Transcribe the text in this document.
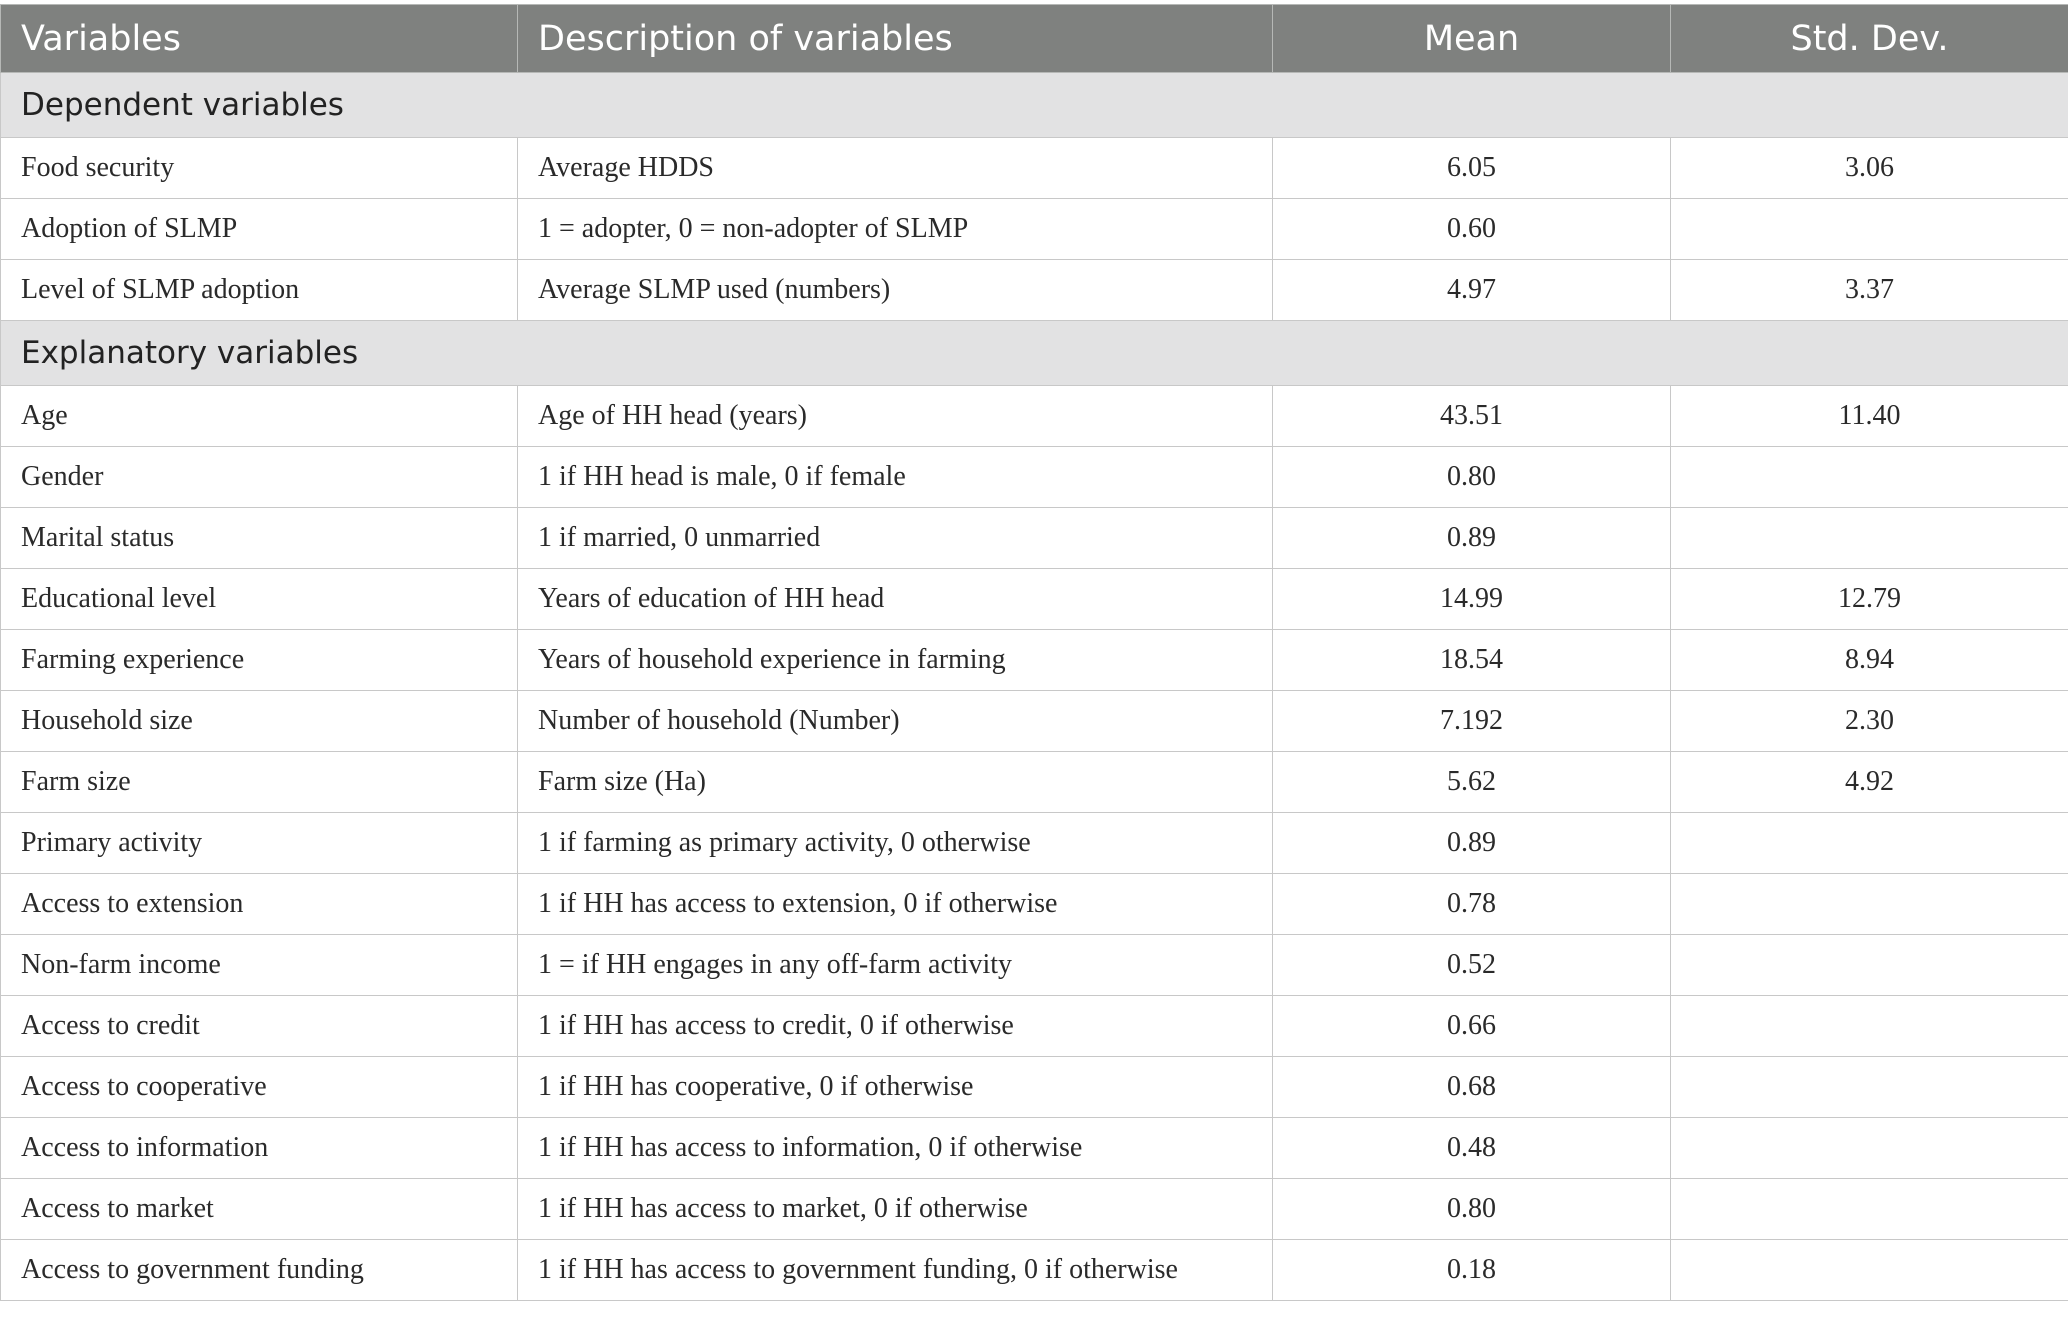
Variables	Description of variables	Mean	Std. Dev.
Dependent variables			
Food security	Average HDDS	6.05	3.06
Adoption of SLMP	1 = adopter, 0 = non-adopter of SLMP	0.60	
Level of SLMP adoption	Average SLMP used (numbers)	4.97	3.37
Explanatory variables			
Age	Age of HH head (years)	43.51	11.40
Gender	1 if HH head is male, 0 if female	0.80	
Marital status	1 if married, 0 unmarried	0.89	
Educational level	Years of education of HH head	14.99	12.79
Farming experience	Years of household experience in farming	18.54	8.94
Household size	Number of household (Number)	7.192	2.30
Farm size	Farm size (Ha)	5.62	4.92
Primary activity	1 if farming as primary activity, 0 otherwise	0.89	
Access to extension	1 if HH has access to extension, 0 if otherwise	0.78	
Non-farm income	1 = if HH engages in any off-farm activity	0.52	
Access to credit	1 if HH has access to credit, 0 if otherwise	0.66	
Access to cooperative	1 if HH has cooperative, 0 if otherwise	0.68	
Access to information	1 if HH has access to information, 0 if otherwise	0.48	
Access to market	1 if HH has access to market, 0 if otherwise	0.80	
Access to government funding	1 if HH has access to government funding, 0 if otherwise	0.18	
